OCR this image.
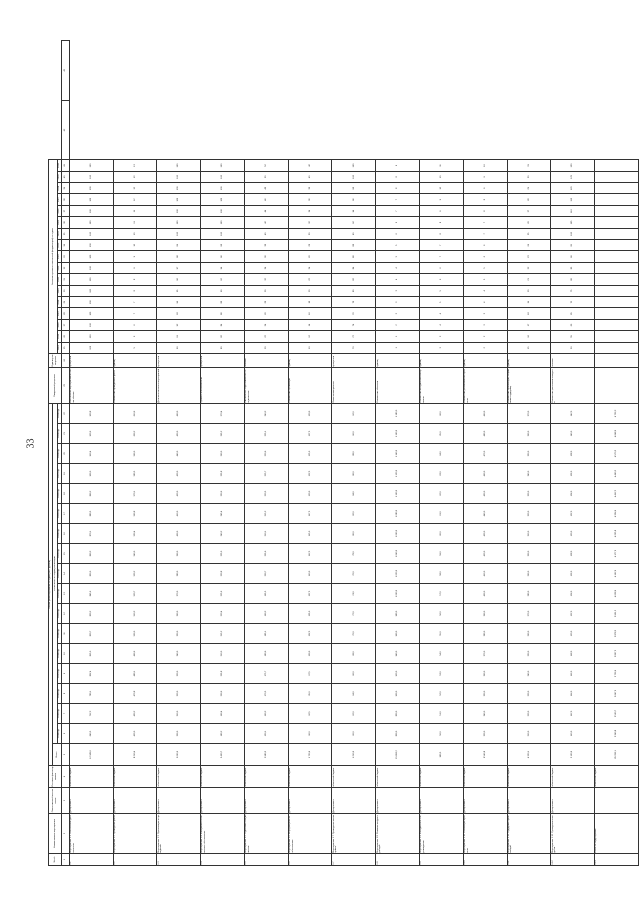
33
№ п/п	Наименование мероприятия	Ответственный исполнитель	Источник финансирования	Объем финансирования по годам (тыс. рублей)																		Ожидаемый результат	Единица измерения	Значения целевых показателей (индикаторов) по годам																		
				Всего	в том числе по годам реализации																																					
					2014 год	2015 год	2016 год	2017 год	2018 год	2019 год	2020 год	2021 год	2022 год	2023 год	2024 год	2025 год	2026 год	2027 год	2028 год	2029 год	2030 год			2014	2015	2016	2017	2018	2019	2020	2021	2022	2023	2024	2025	2026	2027	2028	2029	2030		
1	2	3	4	5	6	7	8	9	10	11	12	13	14	15	16	17	18	19	20	21	22	23	24	25	26	27	28	29	30	31	32	33	34	35	36	37	38	39	40	41	42	43
1.1.	Мероприятие 1.1. Обеспечение деятельности	Департамент	областной бюджет	12 345,6	640,5	712,3	780,1	802,4	815,0	820,7	830,2	845,6	850,0	860,3	870,1	880,5	890,2	900,0	910,4	920,6	930,8	Выполнение мероприятий в полном объеме	процентов	100	100	100	100	100	100	100	100	100	100	100	100	100	100	100	100	100		
1.2.	Мероприятие 1.2. Проведение работ	Департамент	областной бюджет	8 210,4	420,0	450,2	470,8	480,1	490,6	500,0	510,3	520,7	530,2	540,0	550,4	560,8	570,1	580,5	590,0	600,2	610,6	Количество проведенных работ	единиц	5	6	6	7	7	8	8	9	9	10	10	11	11	12	12	13	13		
1.3.	Мероприятие 1.3. Организация и проведение	Департамент	областной бюджет	5 600,0	300,0	310,0	320,0	330,0	340,0	350,0	360,0	370,0	380,0	390,0	400,0	410,0	420,0	430,0	440,0	450,0	460,0	Доля выполненных мероприятий	процентов	90	91	92	93	94	95	96	97	98	99	100	100	100	100	100	100	100		
1.4.	Мероприятие 1.4. Материально-техническое обеспечение	Департамент	областной бюджет	3 450,7	180,2	190,4	200,6	205,8	210,0	215,2	220,4	225,6	230,8	235,0	240,2	245,4	250,6	255,8	260,0	265,2	270,4	Уровень обеспеченности	процентов	80	82	84	86	88	90	92	94	96	98	100	100	100	100	100	100	100		
1.5.	Мероприятие 1.5. Подготовка специалистов	Департамент	областной бюджет	2 980,3	150,1	160,3	170,5	175,7	180,9	185,1	190,3	195,5	200,7	205,9	210,1	215,3	220,5	225,7	230,9	235,1	240,3	Численность подготовленных специалистов	человек	20	22	24	26	28	30	32	34	36	38	40	42	44	46	48	50	52		
1.6.	Мероприятие 1.6. Информационное обеспечение	Департамент	областной бюджет	1 720,9	90,0	92,5	95,0	97,5	100,0	102,5	105,0	107,5	110,0	112,5	115,0	117,5	120,0	122,5	125,0	127,5	130,0	Количество публикаций	единиц	10	12	14	16	18	20	22	24	26	28	30	32	34	36	38	40	42		
1.7.	Мероприятие 1.7. Проведение мониторинга	Департамент	областной бюджет	1 210,0	60,0	62,0	64,0	66,0	68,0	70,0	72,0	74,0	76,0	78,0	80,0	82,0	84,0	86,0	88,0	90,0	92,0	Охват мониторингом	процентов	70	72	74	76	78	80	82	84	86	88	90	92	94	96	98	100	100		
1.8.	Мероприятие 1.8. Развитие инфраструктуры	Департамент	областной бюджет	15 800,2	800,0	850,0	900,0	920,0	940,0	960,0	980,0	1 000,0	1 020,0	1 040,0	1 060,0	1 080,0	1 100,0	1 120,0	1 140,0	1 160,0	1 180,0	Количество объектов	единиц	1	1	2	2	3	3	4	4	5	5	6	6	7	7	8	8	9		
1.9.	Мероприятие 1.9. Методическое сопровождение	Департамент	областной бюджет	980,5	50,0	51,0	52,0	53,0	54,0	55,0	56,0	57,0	58,0	59,0	60,0	61,0	62,0	63,0	64,0	65,0	66,0	Количество методических материалов	единиц	3	3	4	4	5	5	6	6	7	7	8	8	9	9	10	10	11		
1.10.	Мероприятие 1.10. Реализация проектов	Департамент	областной бюджет	6 540,8	330,0	340,0	350,0	360,0	370,0	380,0	390,0	400,0	410,0	420,0	430,0	440,0	450,0	460,0	470,0	480,0	490,0	Количество реализованных проектов	единиц	2	2	3	3	4	4	5	5	6	6	7	7	8	8	9	9	10		
1.11.	Мероприятие 1.11. Поддержка организаций	Департамент	областной бюджет	4 320,1	210,0	220,0	230,0	240,0	250,0	260,0	270,0	280,0	290,0	300,0	310,0	320,0	330,0	340,0	350,0	360,0	370,0	Количество организаций, получивших поддержку	единиц	15	16	17	18	19	20	21	22	23	24	25	26	27	28	29	30	31		
1.12.	Мероприятие 1.12. Проведение конкурсов	Департамент	областной бюджет	2 150,6	110,0	112,0	114,0	116,0	118,0	120,0	122,0	124,0	126,0	128,0	130,0	132,0	134,0	136,0	138,0	140,0	142,0	Количество участников конкурсов	человек	50	55	60	65	70	75	80	85	90	95	100	105	110	115	120	125	130		
1.13.	Итого по подпрограмме		областной бюджет	65 330,1	3 340,8	3 500,7	3 647,0	3 726,9	3 807,5	3 878,5	3 951,2	4 028,9	4 102,9	4 177,6	4 255,8	4 334,9	4 412,2	4 490,2	4 570,3	4 648,6	4 726,3																					
